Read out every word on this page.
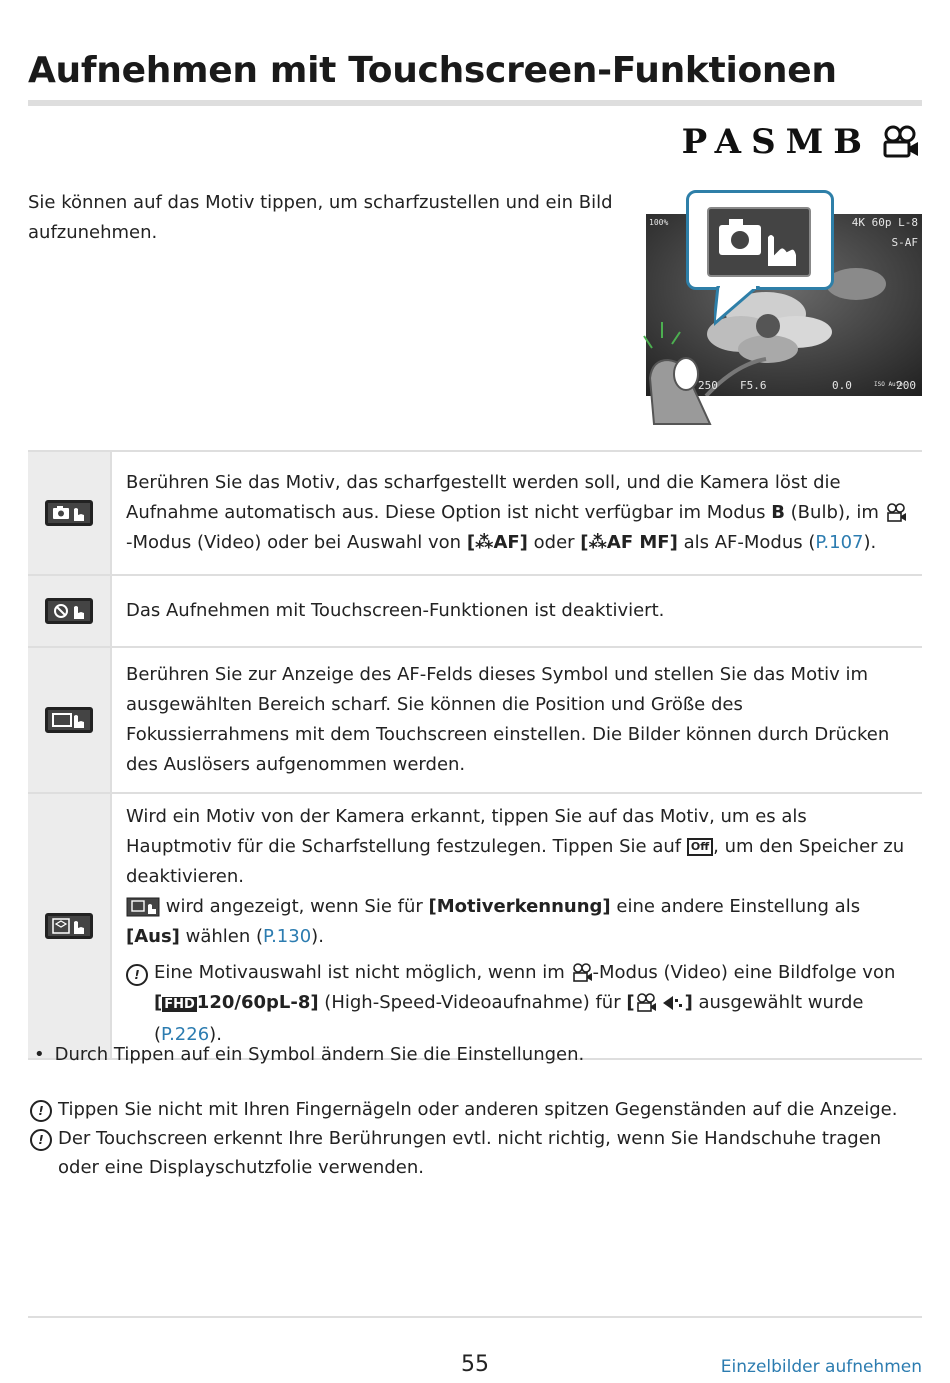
Aufnehmen mit Touchscreen-Funktionen
PASMB

Sie können auf das Motiv tippen, um scharfzustellen und ein Bild aufzunehmen.	4K 60p L-8
S-AF
100%
250 F5.6	0.0	ISO Auto
200
	Berühren Sie das Motiv, das scharfgestellt werden soll, und die Kamera löst die Aufnahme automatisch aus. Diese Option ist nicht verfügbar im Modus B (Bulb), im -Modus (Video) oder bei Auswahl von [⁂AF] oder [⁂AF MF] als AF-Modus (P.107).

	Das Aufnehmen mit Touchscreen-Funktionen ist deaktiviert.

	Berühren Sie zur Anzeige des AF-Felds dieses Symbol und stellen Sie das Motiv im ausgewählten Bereich scharf. Sie können die Position und Größe des Fokussierrahmens mit dem Touchscreen einstellen. Die Bilder können durch Drücken des Auslösers aufgenommen werden.

Wird ein Motiv von der Kamera erkannt, tippen Sie auf das Motiv, um es als Hauptmotiv für die Scharfstellung festzulegen. Tippen Sie auf Off , um den Speicher zu deaktivieren.
wird angezeigt, wenn Sie für [Motiverkennung] eine andere Einstellung als [Aus] wählen (P.130).
! Eine Motivauswahl ist nicht möglich, wenn im -Modus (Video) eine Bildfolge von
[ FHD 120/60pL-8] (High-Speed-Videoaufnahme) für [ ] ausgewählt wurde (P.226).
• Durch Tippen auf ein Symbol ändern Sie die Einstellungen.
! Tippen Sie nicht mit Ihren Fingernägeln oder anderen spitzen Gegenständen auf die Anzeige.
! Der Touchscreen erkennt Ihre Berührungen evtl. nicht richtig, wenn Sie Handschuhe tragen oder eine Displayschutzfolie verwenden.
55	Einzelbilder aufnehmen
